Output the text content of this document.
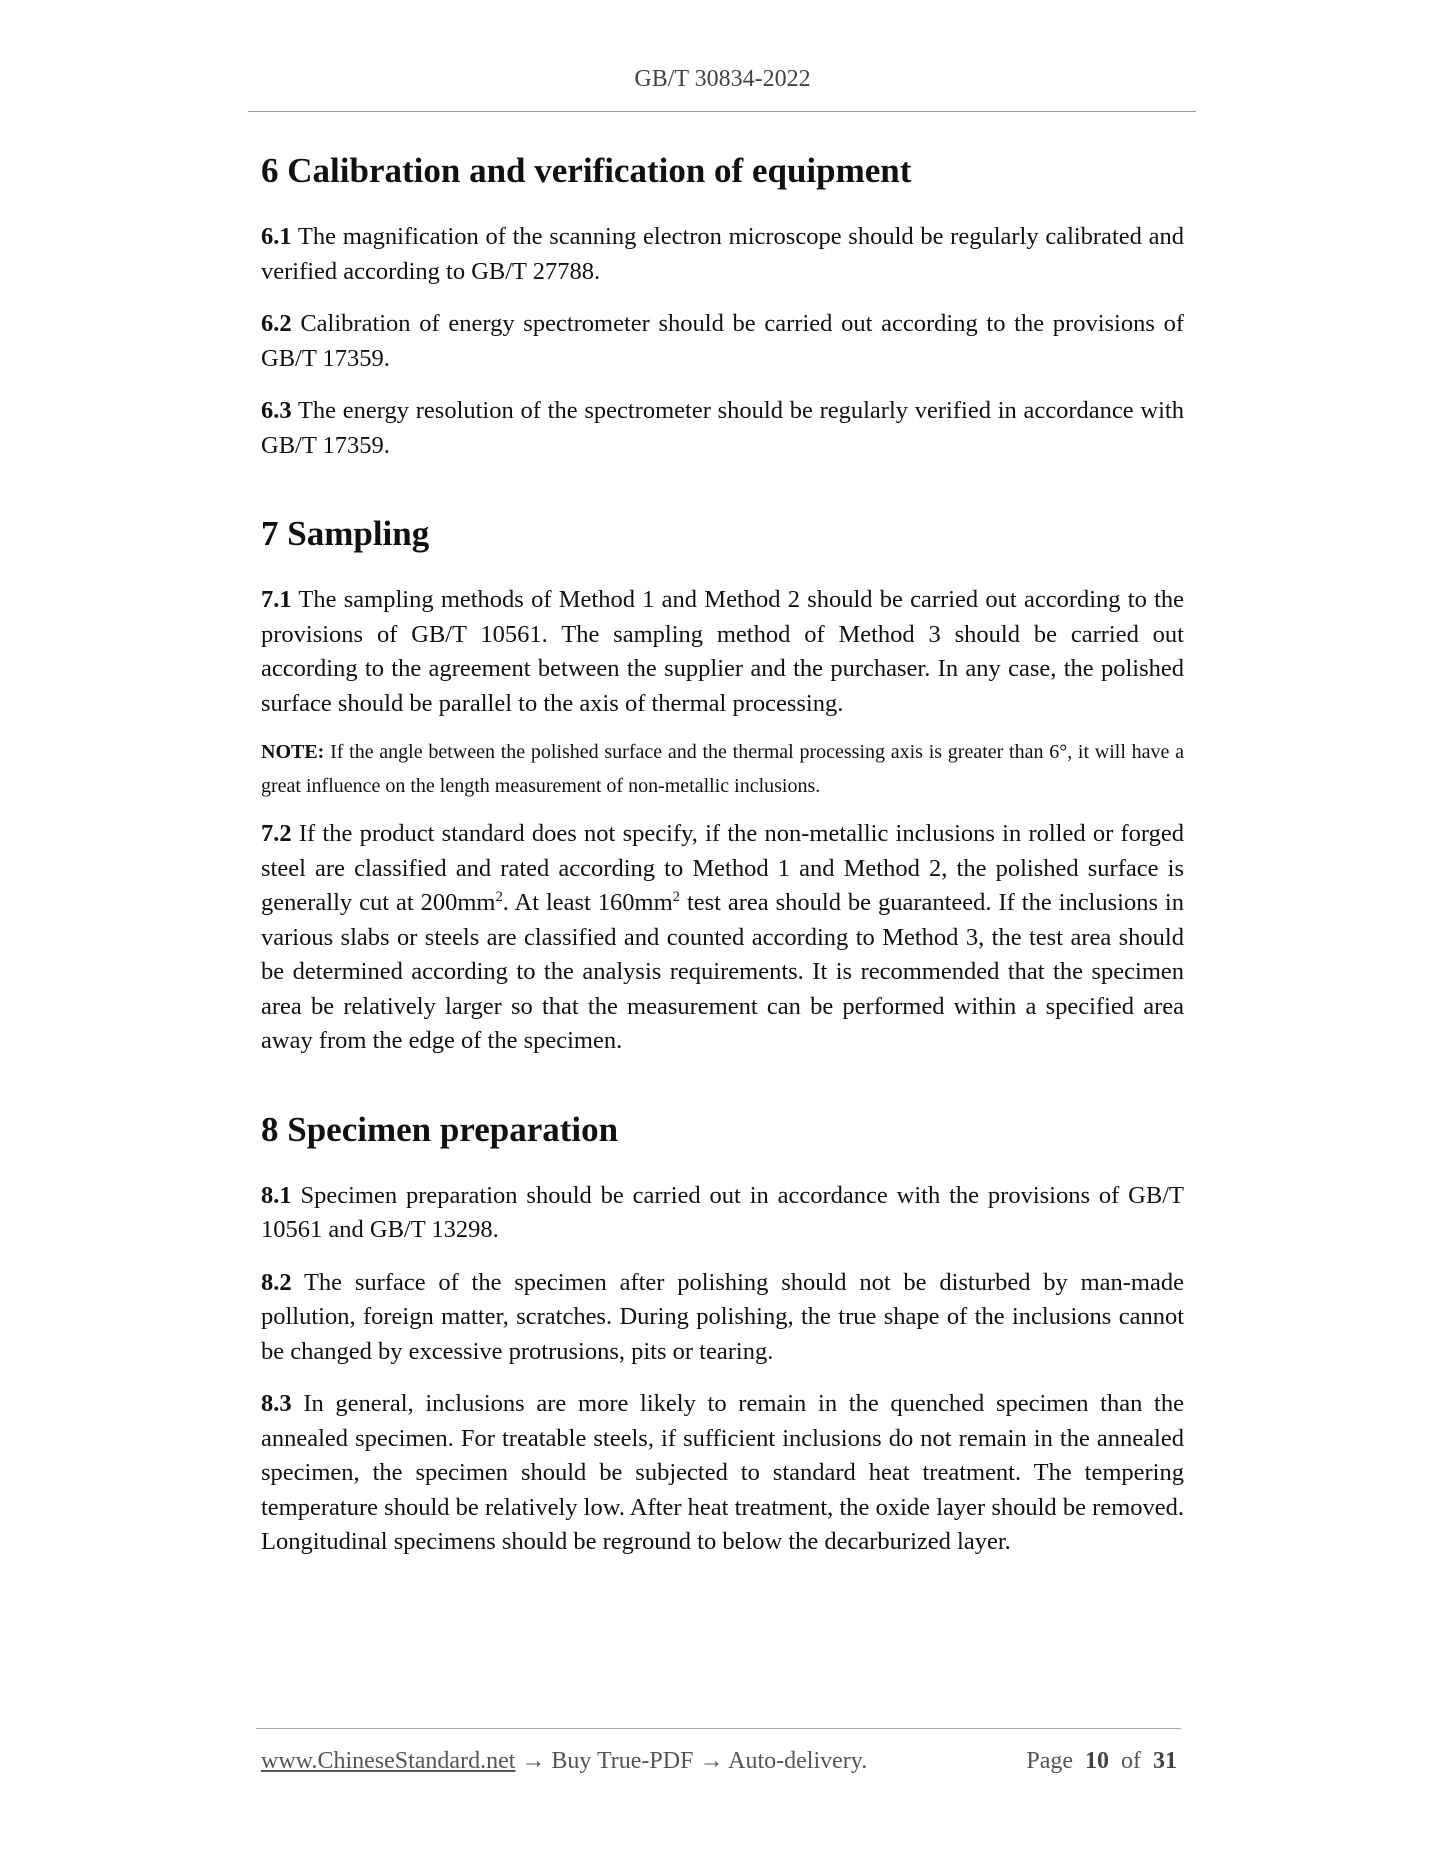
GB/T 30834-2022
6 Calibration and verification of equipment

6.1 The magnification of the scanning electron microscope should be regularly calibrated and verified according to GB/T 27788.

6.2 Calibration of energy spectrometer should be carried out according to the provisions of GB/T 17359.

6.3 The energy resolution of the spectrometer should be regularly verified in accordance with GB/T 17359.

7 Sampling

7.1 The sampling methods of Method 1 and Method 2 should be carried out according to the provisions of GB/T 10561. The sampling method of Method 3 should be carried out according to the agreement between the supplier and the purchaser. In any case, the polished surface should be parallel to the axis of thermal processing.

NOTE: If the angle between the polished surface and the thermal processing axis is greater than 6°, it will have a great influence on the length measurement of non-metallic inclusions.

7.2 If the product standard does not specify, if the non-metallic inclusions in rolled or forged steel are classified and rated according to Method 1 and Method 2, the polished surface is generally cut at $200mm^2$. At least $160mm^2$ test area should be guaranteed. If the inclusions in various slabs or steels are classified and counted according to Method 3, the test area should be determined according to the analysis requirements. It is recommended that the specimen area be relatively larger so that the measurement can be performed within a specified area away from the edge of the specimen.

8 Specimen preparation

8.1 Specimen preparation should be carried out in accordance with the provisions of GB/T 10561 and GB/T 13298.

8.2 The surface of the specimen after polishing should not be disturbed by man-made pollution, foreign matter, scratches. During polishing, the true shape of the inclusions cannot be changed by excessive protrusions, pits or tearing.

8.3 In general, inclusions are more likely to remain in the quenched specimen than the annealed specimen. For treatable steels, if sufficient inclusions do not remain in the annealed specimen, the specimen should be subjected to standard heat treatment. The tempering temperature should be relatively low. After heat treatment, the oxide layer should be removed. Longitudinal specimens should be reground to below the decarburized layer.

www.ChineseStandard.net → Buy True-PDF → Auto-delivery.	Page 10 of 31
